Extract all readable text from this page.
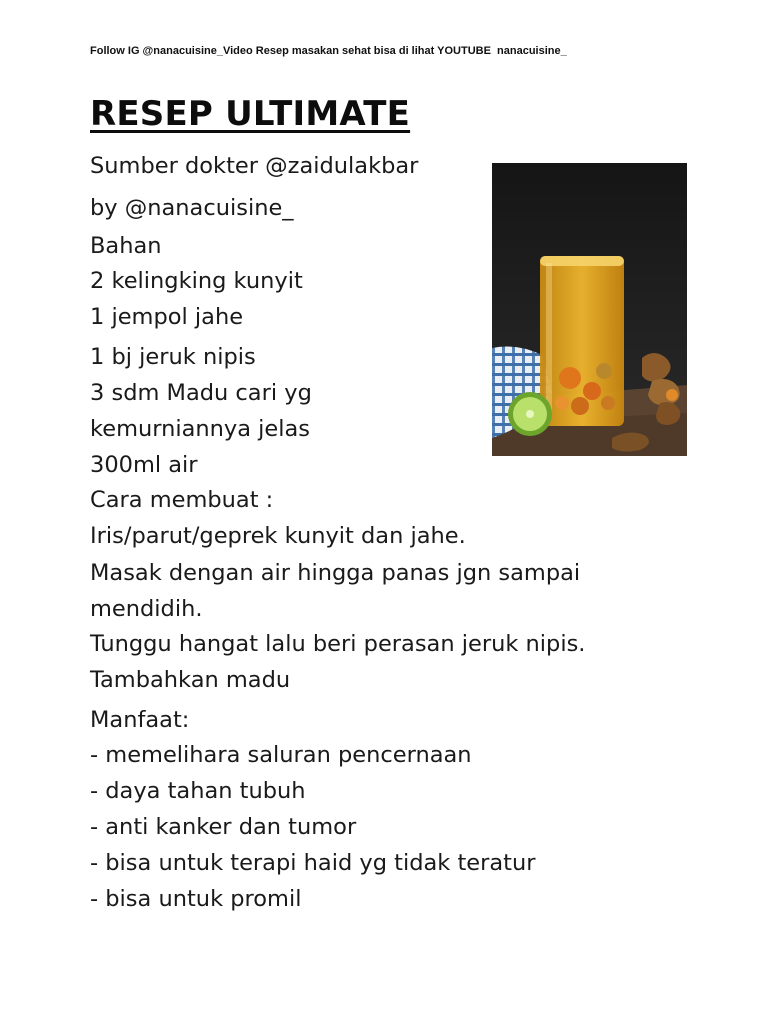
Follow IG @nanacuisine_Video Resep masakan sehat bisa di lihat YOUTUBE  nanacuisine_
RESEP ULTIMATE
Sumber dokter @zaidulakbar
by @nanacuisine_
Bahan
2 kelingking kunyit
1 jempol jahe
1 bj jeruk nipis
3 sdm Madu cari yg
kemurniannya jelas
300ml air
Cara membuat :
Iris/parut/geprek kunyit dan jahe.
Masak dengan air hingga panas jgn sampai
mendidih.
Tunggu hangat lalu beri perasan jeruk nipis.
Tambahkan madu
Manfaat:
- memelihara saluran pencernaan
- daya tahan tubuh
- anti kanker dan tumor
- bisa untuk terapi haid yg tidak teratur
- bisa untuk promil
